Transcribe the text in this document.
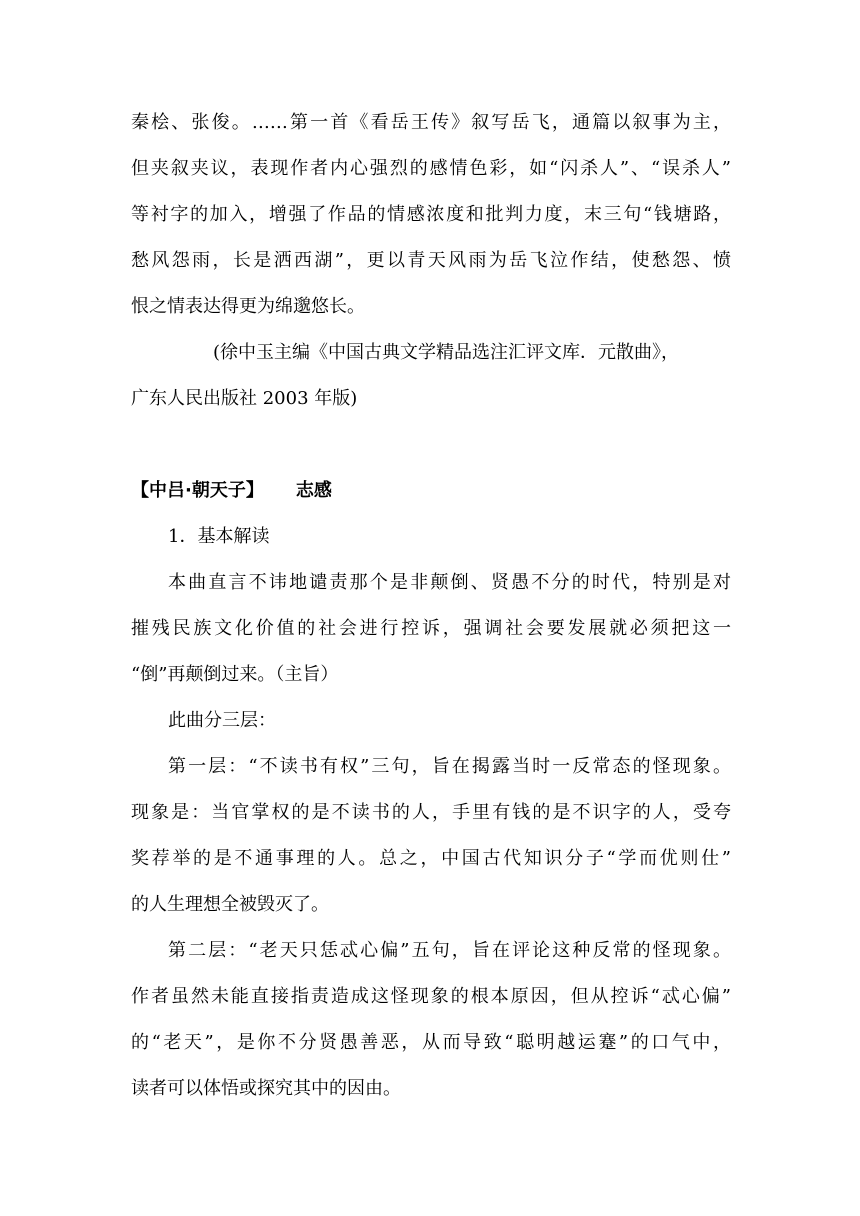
秦桧、张俊。……第一首《看岳王传》叙写岳飞，通篇以叙事为主，
但夹叙夹议，表现作者内心强烈的感情色彩，如“闪杀人”、“误杀人”
等衬字的加入，增强了作品的情感浓度和批判力度，末三句“钱塘路，
愁风怨雨，长是洒西湖”，更以青天风雨为岳飞泣作结，使愁怨、愤
恨之情表达得更为绵邈悠长。
(徐中玉主编《中国古典文学精品选注汇评文库．元散曲》，
广东人民出版社 2003 年版)
【中吕·朝天子】 志感
1．基本解读
本曲直言不讳地谴责那个是非颠倒、贤愚不分的时代，特别是对
摧残民族文化价值的社会进行控诉，强调社会要发展就必须把这一
“倒”再颠倒过来。（主旨）
此曲分三层：
第一层：“不读书有权”三句，旨在揭露当时一反常态的怪现象。
现象是：当官掌权的是不读书的人，手里有钱的是不识字的人，受夸
奖荐举的是不通事理的人。总之，中国古代知识分子“学而优则仕”
的人生理想全被毁灭了。
第二层：“老天只恁忒心偏”五句，旨在评论这种反常的怪现象。
作者虽然未能直接指责造成这怪现象的根本原因，但从控诉“忒心偏”
的“老天”，是你不分贤愚善恶，从而导致“聪明越运蹇”的口气中，
读者可以体悟或探究其中的因由。
